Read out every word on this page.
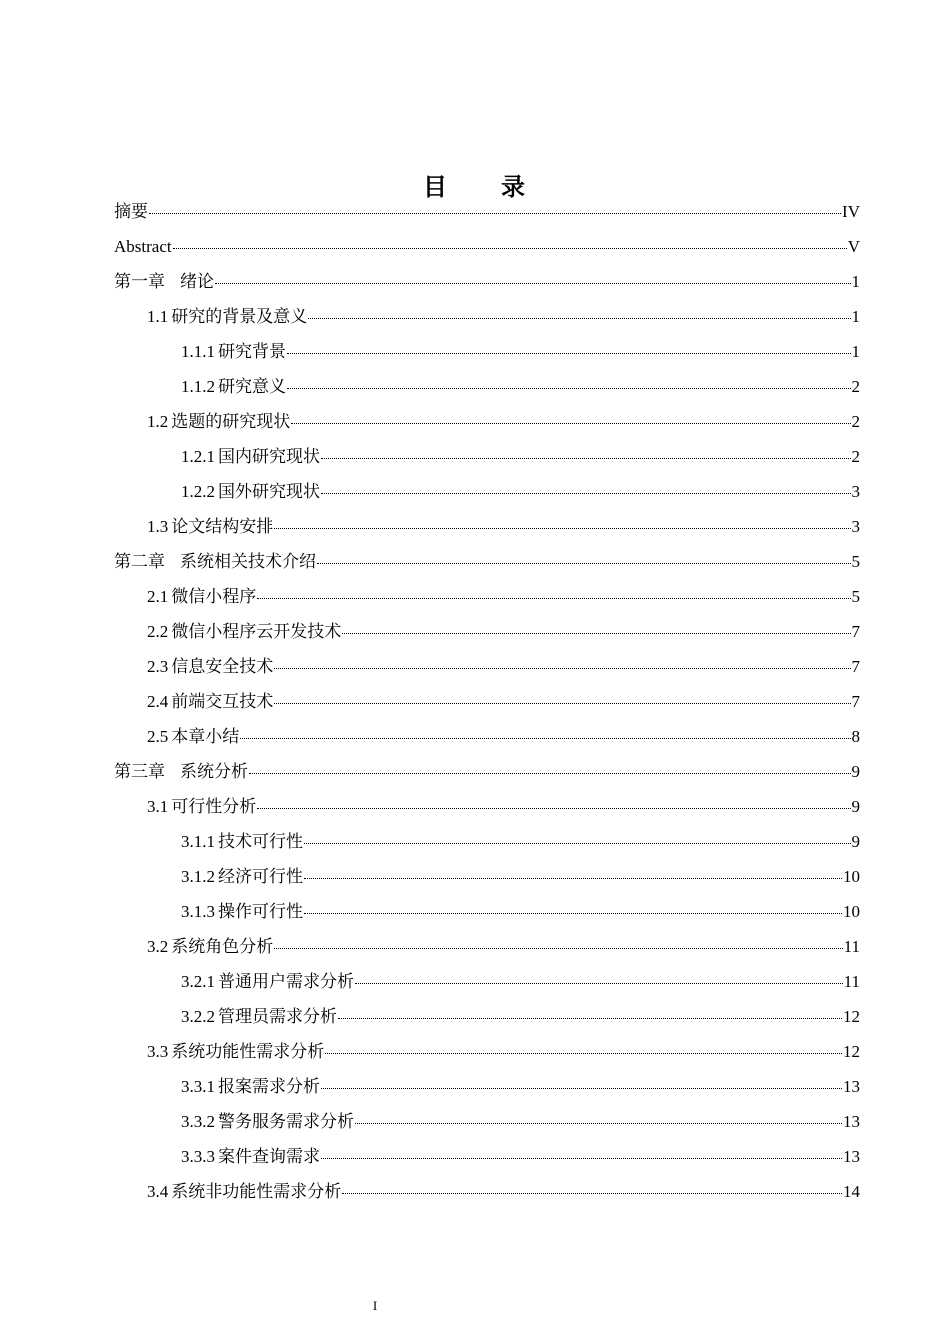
目 录
摘要	IV
Abstract	V
第一章 绪论	1
1.1 研究的背景及意义	1
1.1.1 研究背景	1
1.1.2 研究意义	2
1.2 选题的研究现状	2
1.2.1 国内研究现状	2
1.2.2 国外研究现状	3
1.3 论文结构安排	3
第二章 系统相关技术介绍	5
2.1 微信小程序	5
2.2 微信小程序云开发技术	7
2.3 信息安全技术	7
2.4 前端交互技术	7
2.5 本章小结	8
第三章 系统分析	9
3.1 可行性分析	9
3.1.1 技术可行性	9
3.1.2 经济可行性	10
3.1.3 操作可行性	10
3.2 系统角色分析	11
3.2.1 普通用户需求分析	11
3.2.2 管理员需求分析	12
3.3 系统功能性需求分析	12
3.3.1 报案需求分析	13
3.3.2 警务服务需求分析	13
3.3.3 案件查询需求	13
3.4 系统非功能性需求分析	14
I
